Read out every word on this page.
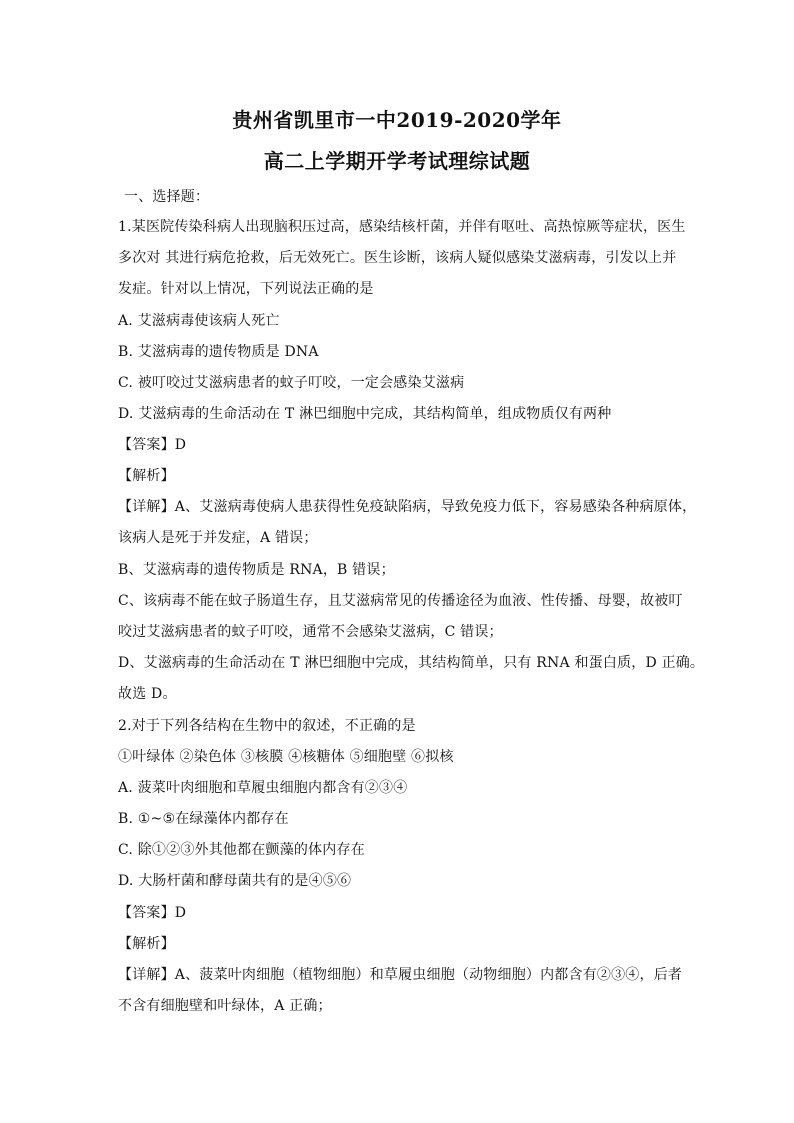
贵州省凯里市一中2019-2020学年
高二上学期开学考试理综试题
一、选择题：
1.某医院传染科病人出现脑积压过高，感染结核杆菌，并伴有呕吐、高热惊厥等症状，医生
多次对 其进行病危抢救，后无效死亡。医生诊断，该病人疑似感染艾滋病毒，引发以上并
发症。针对以上情况，下列说法正确的是
A. 艾滋病毒使该病人死亡
B. 艾滋病毒的遗传物质是 DNA
C. 被叮咬过艾滋病患者的蚊子叮咬，一定会感染艾滋病
D. 艾滋病毒的生命活动在 T 淋巴细胞中完成，其结构简单，组成物质仅有两种
【答案】D
【解析】
【详解】A、艾滋病毒使病人患获得性免疫缺陷病，导致免疫力低下，容易感染各种病原体，
该病人是死于并发症，A 错误；
B、艾滋病毒的遗传物质是 RNA，B 错误；
C、该病毒不能在蚊子肠道生存，且艾滋病常见的传播途径为血液、性传播、母婴，故被叮
咬过艾滋病患者的蚊子叮咬，通常不会感染艾滋病，C 错误；
D、艾滋病毒的生命活动在 T 淋巴细胞中完成，其结构简单，只有 RNA 和蛋白质，D 正确。
故选 D。
2.对于下列各结构在生物中的叙述，不正确的是
①叶绿体 ②染色体 ③核膜 ④核糖体 ⑤细胞壁 ⑥拟核
A. 菠菜叶肉细胞和草履虫细胞内都含有②③④
B. ①~⑤在绿藻体内都存在
C. 除①②③外其他都在颤藻的体内存在
D. 大肠杆菌和酵母菌共有的是④⑤⑥
【答案】D
【解析】
【详解】A、菠菜叶肉细胞（植物细胞）和草履虫细胞（动物细胞）内都含有②③④，后者
不含有细胞壁和叶绿体，A 正确；
